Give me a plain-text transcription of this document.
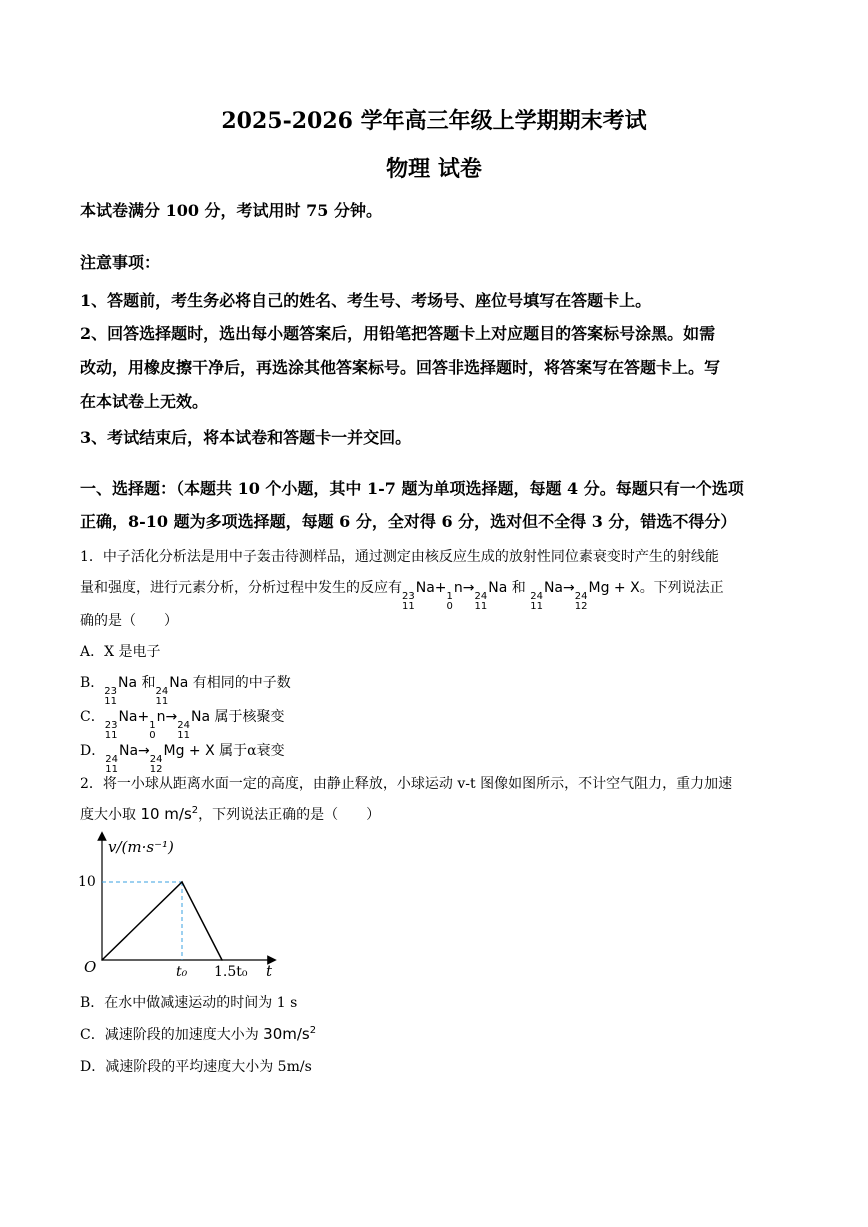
2025-2026 学年高三年级上学期期末考试
物理 试卷
本试卷满分 100 分，考试用时 75 分钟。
注意事项：
1、答题前，考生务必将自己的姓名、考生号、考场号、座位号填写在答题卡上。
2、回答选择题时，选出每小题答案后，用铅笔把答题卡上对应题目的答案标号涂黑。如需
改动，用橡皮擦干净后，再选涂其他答案标号。回答非选择题时，将答案写在答题卡上。写
在本试卷上无效。
3、考试结束后，将本试卷和答题卡一并交回。
一、选择题：（本题共 10 个小题，其中 1-7 题为单项选择题，每题 4 分。每题只有一个选项
正确，8-10 题为多项选择题，每题 6 分，全对得 6 分，选对但不全得 3 分，错选不得分）
1．中子活化分析法是用中子轰击待测样品，通过测定由核反应生成的放射性同位素衰变时产生的射线能
量和强度，进行元素分析，分析过程中发生的反应有
23
11
Na+
1
0
n→
24
11
Na 和
24
11
Na→
24
12
Mg + X。下列说法正
确的是（　　）
A．X 是电子
B．
23
11
Na 和
24
11
Na 有相同的中子数
C．
23
11
Na+
1
0
n→
24
11
Na 属于核聚变
D．
24
11
Na→
24
12
Mg + X 属于α衰变
2．将一小球从距离水面一定的高度，由静止释放，小球运动 v-t 图像如图所示，不计空气阻力，重力加速
度大小取 10 $m/s^2$，下列说法正确的是（　　）
v/(m·s⁻¹)
t
O
10
t₀ 1.5t₀
B．在水中做减速运动的时间为 1 s
C．减速阶段的加速度大小为 $30m/s^2$
D．减速阶段的平均速度大小为 5m/s
